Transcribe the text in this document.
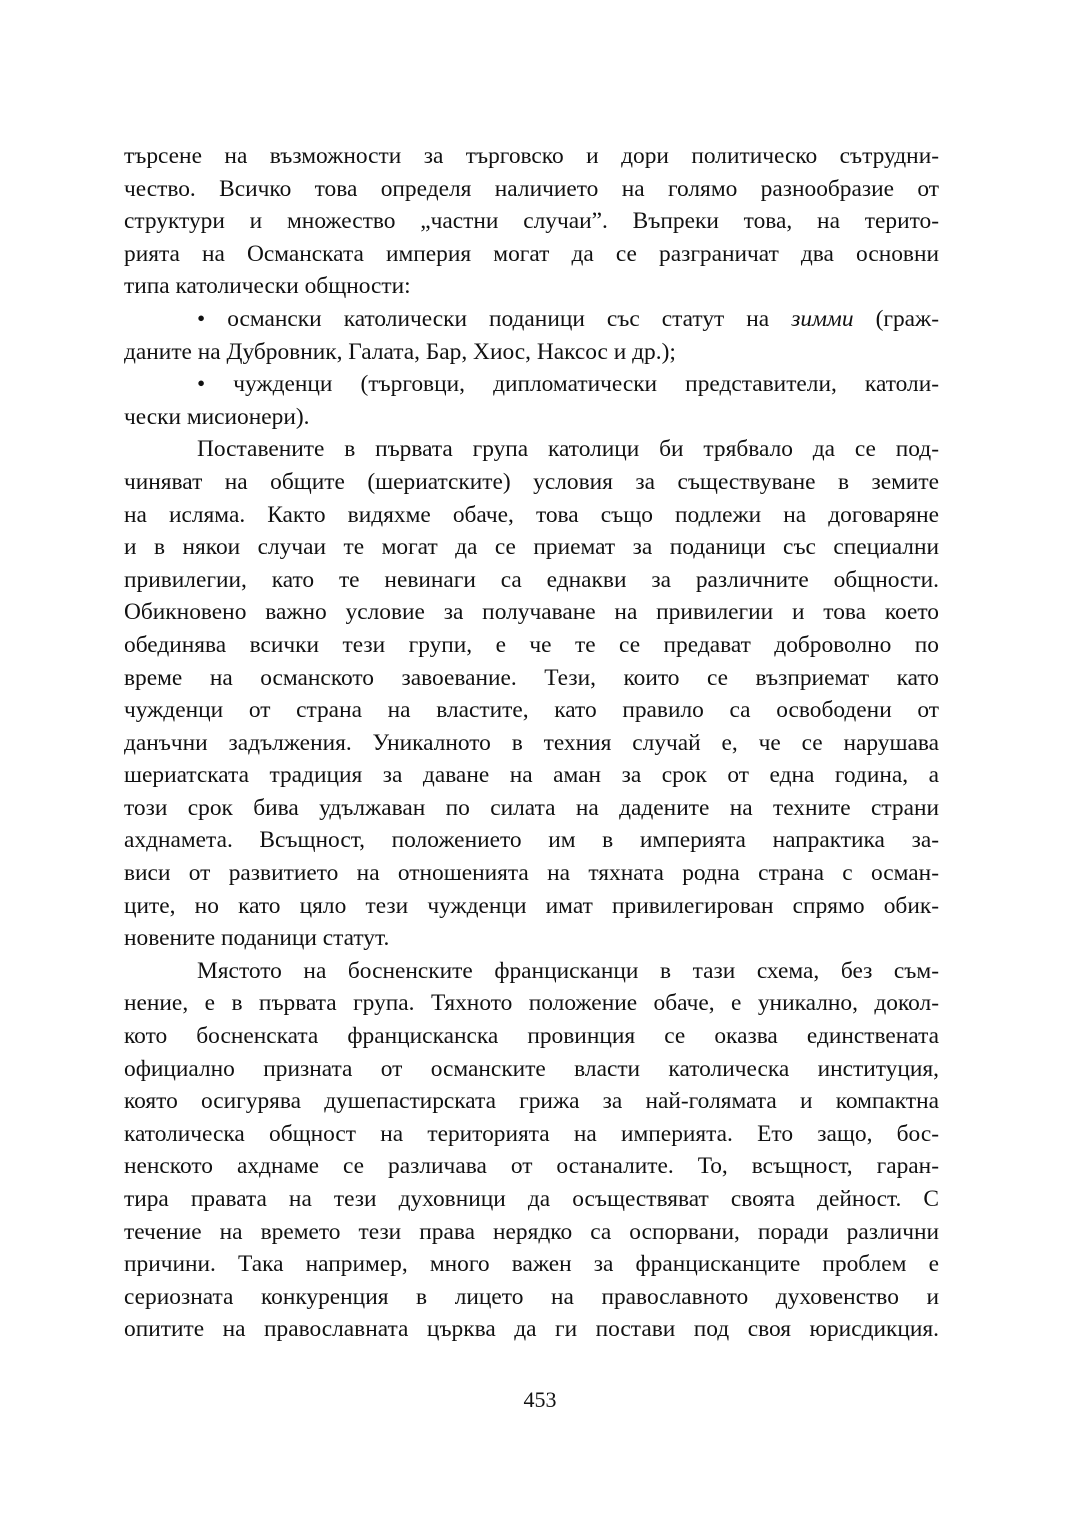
търсене на възможности за търговско и дори политическо сътрудни-
чество. Всичко това определя наличието на голямо разнообразие от
структури и множество „частни случаи”. Въпреки това, на терито-
рията на Османската империя могат да се разграничат два основни
типа католически общности:
• османски католически поданици със статут на зимми (граж-
даните на Дубровник, Галата, Бар, Хиос, Наксос и др.);
• чужденци (търговци, дипломатически представители, католи-
чески мисионери).
Поставените в първата група католици би трябвало да се под-
чиняват на общите (шериатските) условия за съществуване в земите
на исляма. Както видяхме обаче, това също подлежи на договаряне
и в някои случаи те могат да се приемат за поданици със специални
привилегии, като те невинаги са еднакви за различните общности.
Обикновено важно условие за получаване на привилегии и това което
обединява всички тези групи, е че те се предават доброволно по
време на османското завоевание. Тези, които се възприемат като
чужденци от страна на властите, като правило са освободени от
данъчни задължения. Уникалното в техния случай е, че се нарушава
шериатската традиция за даване на аман за срок от една година, а
този срок бива удължаван по силата на дадените на техните страни
ахднамета. Всъщност, положението им в империята напрактика за-
виси от развитието на отношенията на тяхната родна страна с осман-
ците, но като цяло тези чужденци имат привилегирован спрямо обик-
новените поданици статут.
Мястото на босненските францисканци в тази схема, без съм-
нение, е в първата група. Тяхното положение обаче, е уникално, докол-
кото босненската францисканска провинция се оказва единствената
официално призната от османските власти католическа институция,
която осигурява душепастирската грижа за най-голямата и компактна
католическа общност на територията на империята. Ето защо, бос-
ненското ахднаме се различава от останалите. То, всъщност, гаран-
тира правата на тези духовници да осъществяват своята дейност. С
течение на времето тези права нерядко са оспорвани, поради различни
причини. Така например, много важен за францисканците проблем е
сериозната конкуренция в лицето на православното духовенство и
опитите на православната църква да ги постави под своя юрисдикция.
453
